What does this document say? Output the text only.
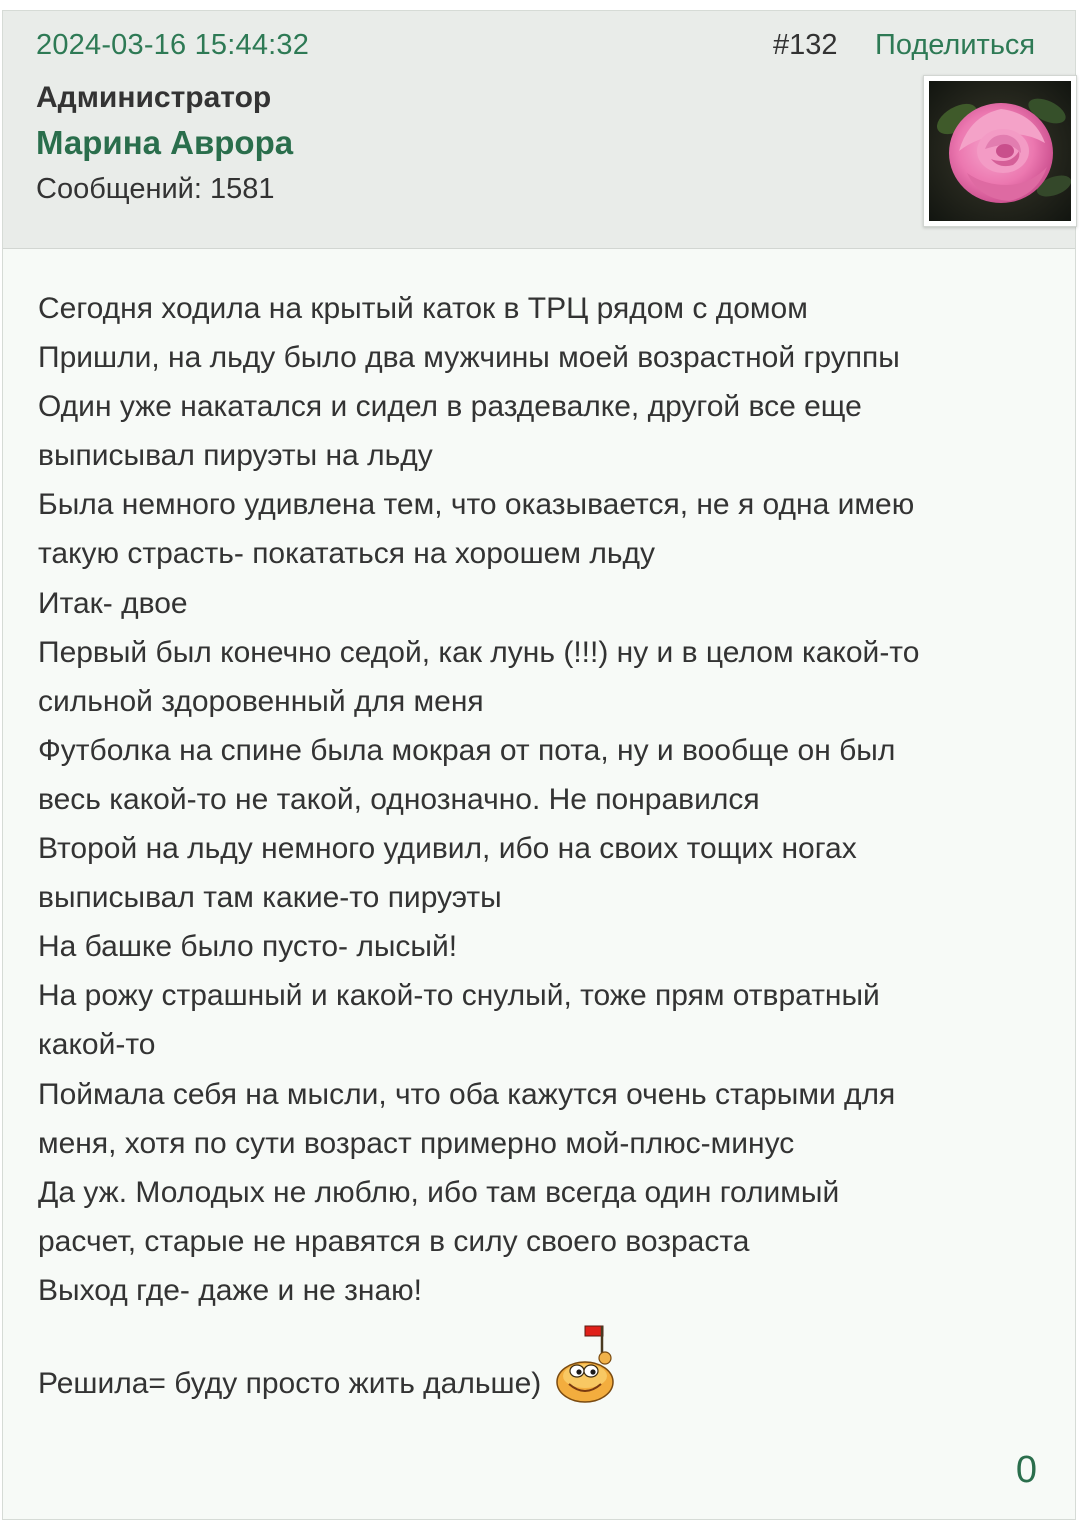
2024-03-16 15:44:32	#132 Поделиться
Администратор
Марина Аврора
Сообщений: 1581
Сегодня ходила на крытый каток в ТРЦ рядом с домом
Пришли, на льду было два мужчины моей возрастной группы
Один уже накатался и сидел в раздевалке, другой все еще
выписывал пируэты на льду
Была немного удивлена тем, что оказывается, не я одна имею
такую страсть- покататься на хорошем льду
Итак- двое
Первый был конечно седой, как лунь (!!!) ну и в целом какой-то
сильной здоровенный для меня
Футболка на спине была мокрая от пота, ну и вообще он был
весь какой-то не такой, однозначно. Не понравился
Второй на льду немного удивил, ибо на своих тощих ногах
выписывал там какие-то пируэты
На башке было пусто- лысый!
На рожу страшный и какой-то снулый, тоже прям отвратный
какой-то
Поймала себя на мысли, что оба кажутся очень старыми для
меня, хотя по сути возраст примерно мой-плюс-минус
Да уж. Молодых не люблю, ибо там всегда один голимый
расчет, старые не нравятся в силу своего возраста
Выход где- даже и не знаю!
Решила= буду просто жить дальше)
0
